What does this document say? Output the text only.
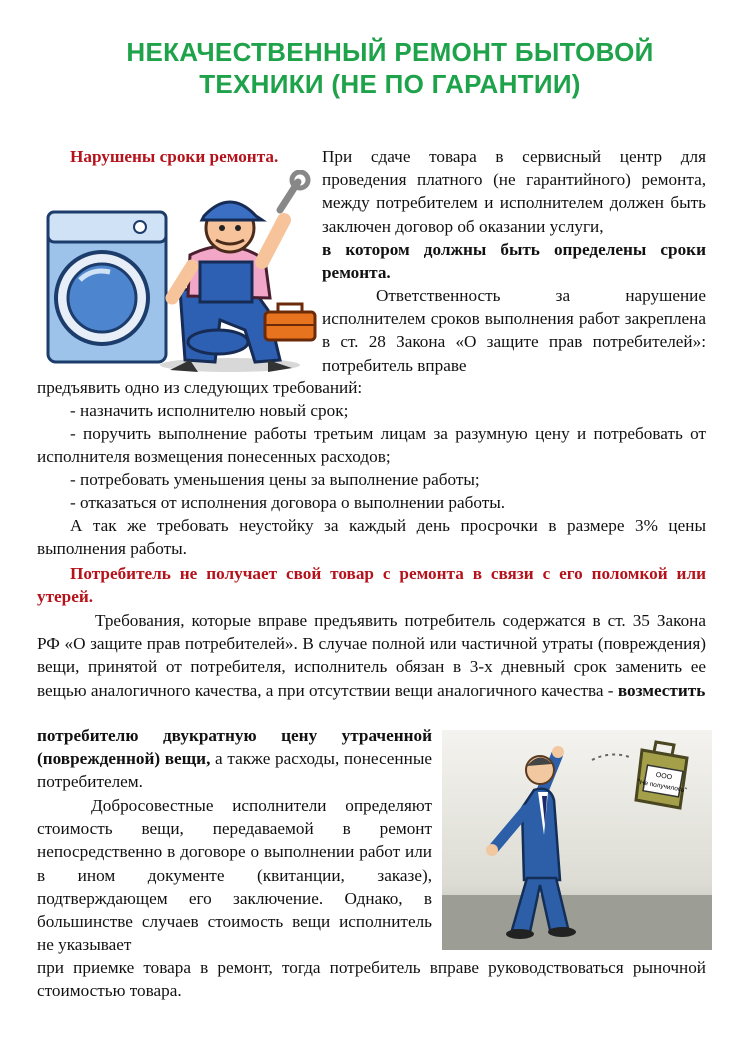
НЕКАЧЕСТВЕННЫЙ РЕМОНТ БЫТОВОЙ
ТЕХНИКИ (НЕ ПО ГАРАНТИИ)
Нарушены сроки ремонта.	При сдаче товара в сервисный центр для проведения платного (не гарантийного) ремонта, между потребителем и исполнителем должен быть заключен договор об оказании услуги,
в котором должны быть определены сроки ремонта.
Ответственность за нарушение исполнителем сроков выполнения работ закреплена в ст. 28 Закона «О защите прав потребителей»: потребитель вправе
предъявить одно из следующих требований:
- назначить исполнителю новый срок;
- поручить выполнение работы третьим лицам за разумную цену и потребовать от исполнителя возмещения понесенных расходов;
- потребовать уменьшения цены за выполнение работы;
- отказаться от исполнения договора о выполнении работы.
А так же требовать неустойку за каждый день просрочки в размере 3% цены выполнения работы.
Потребитель не получает свой товар с ремонта в связи с его поломкой или утерей.
Требования, которые вправе предъявить потребитель содержатся в ст. 35 Закона РФ «О защите прав потребителей». В случае полной или частичной утраты (повреждения) вещи, принятой от потребителя, исполнитель обязан в 3-х дневный срок заменить ее вещью аналогичного качества, а при отсутствии вещи аналогичного качества - возместить
потребителю двукратную цену утраченной (поврежденной) вещи, а также расходы, понесенные потребителем.
Добросовестные исполнители определяют стоимость вещи, передаваемой в ремонт непосредственно в договоре о выполнении работ или в ином документе (квитанции, заказе), подтверждающем его заключение. Однако, в большинстве случаев стоимость вещи исполнитель не указывает
при приемке товара в ремонт, тогда потребитель вправе руководствоваться рыночной стоимостью товара.
ООО
"Не получилось"
